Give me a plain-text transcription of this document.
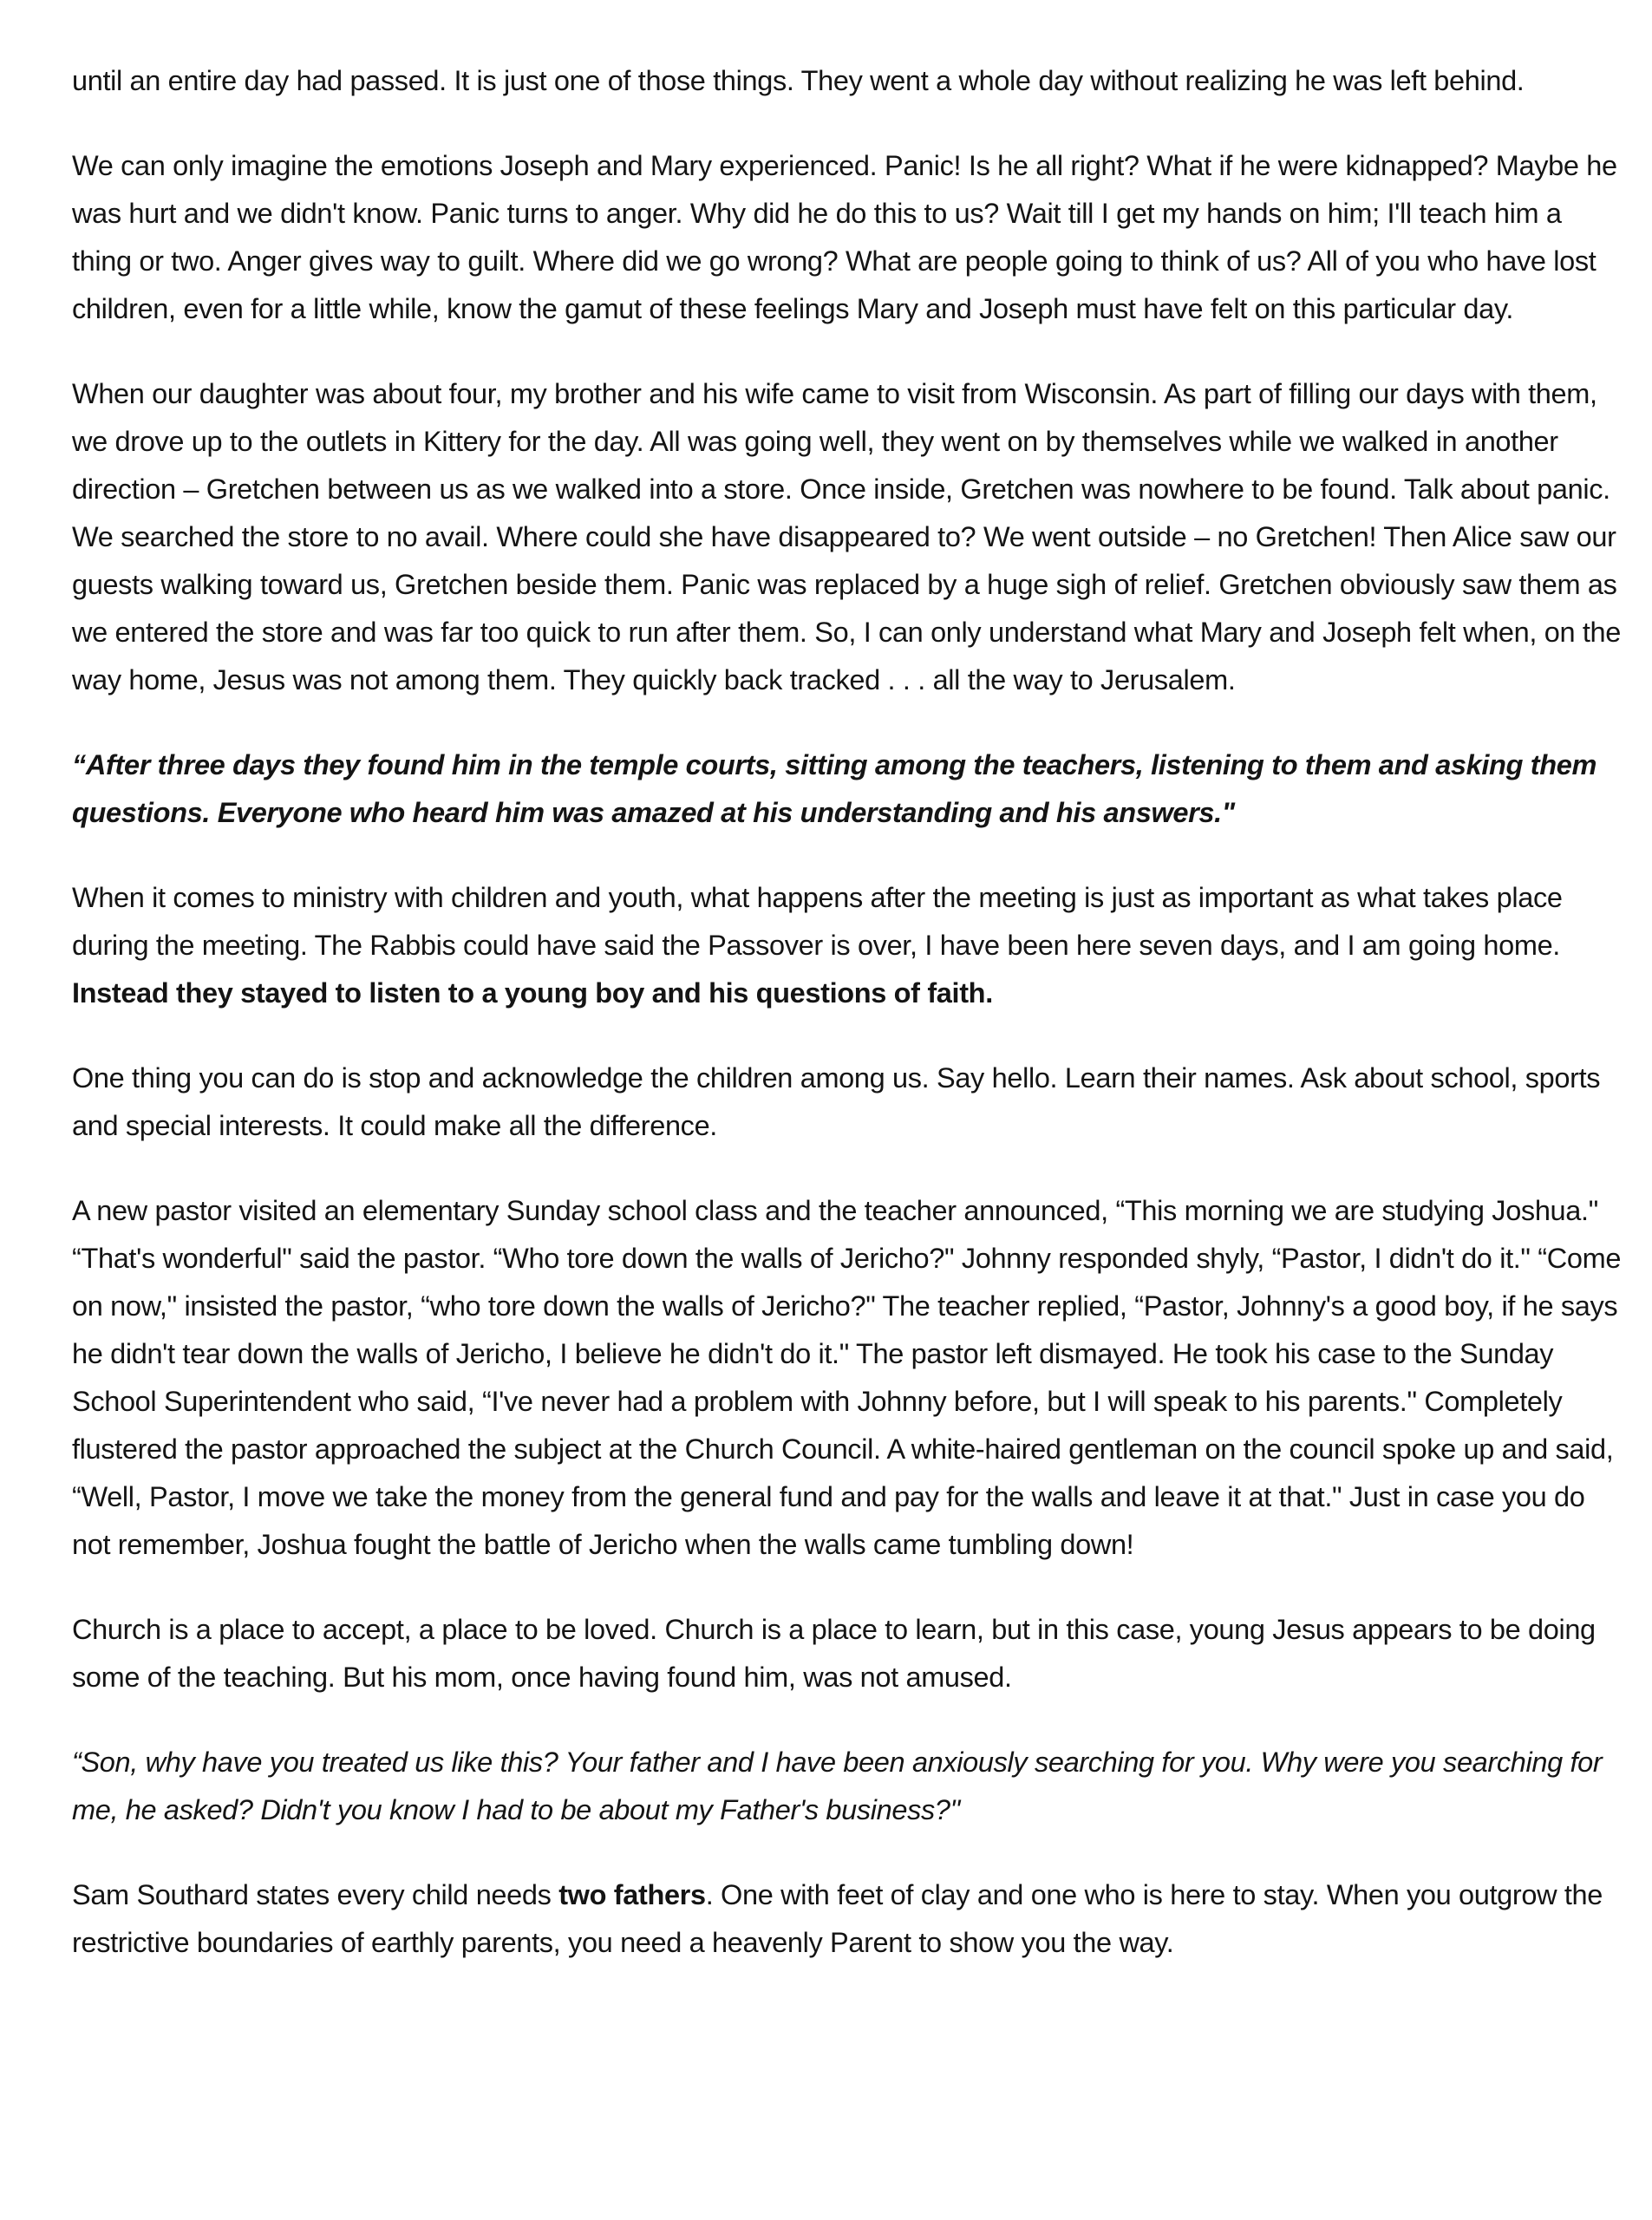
until an entire day had passed. It is just one of those things. They went a whole day without realizing he was left behind.

We can only imagine the emotions Joseph and Mary experienced. Panic! Is he all right? What if he were kidnapped? Maybe he was hurt and we didn't know. Panic turns to anger. Why did he do this to us? Wait till I get my hands on him; I'll teach him a thing or two. Anger gives way to guilt. Where did we go wrong? What are people going to think of us? All of you who have lost children, even for a little while, know the gamut of these feelings Mary and Joseph must have felt on this particular day.

When our daughter was about four, my brother and his wife came to visit from Wisconsin. As part of filling our days with them, we drove up to the outlets in Kittery for the day. All was going well, they went on by themselves while we walked in another direction – Gretchen between us as we walked into a store. Once inside, Gretchen was nowhere to be found. Talk about panic. We searched the store to no avail. Where could she have disappeared to? We went outside – no Gretchen! Then Alice saw our guests walking toward us, Gretchen beside them. Panic was replaced by a huge sigh of relief. Gretchen obviously saw them as we entered the store and was far too quick to run after them. So, I can only understand what Mary and Joseph felt when, on the way home, Jesus was not among them. They quickly back tracked . . . all the way to Jerusalem.

“After three days they found him in the temple courts, sitting among the teachers, listening to them and asking them questions. Everyone who heard him was amazed at his understanding and his answers."

When it comes to ministry with children and youth, what happens after the meeting is just as important as what takes place during the meeting. The Rabbis could have said the Passover is over, I have been here seven days, and I am going home. Instead they stayed to listen to a young boy and his questions of faith.

One thing you can do is stop and acknowledge the children among us. Say hello. Learn their names. Ask about school, sports and special interests. It could make all the difference.

A new pastor visited an elementary Sunday school class and the teacher announced, “This morning we are studying Joshua." “That's wonderful" said the pastor. “Who tore down the walls of Jericho?" Johnny responded shyly, “Pastor, I didn't do it." “Come on now," insisted the pastor, “who tore down the walls of Jericho?" The teacher replied, “Pastor, Johnny's a good boy, if he says he didn't tear down the walls of Jericho, I believe he didn't do it." The pastor left dismayed. He took his case to the Sunday School Superintendent who said, “I've never had a problem with Johnny before, but I will speak to his parents." Completely flustered the pastor approached the subject at the Church Council. A white-haired gentleman on the council spoke up and said, “Well, Pastor, I move we take the money from the general fund and pay for the walls and leave it at that." Just in case you do not remember, Joshua fought the battle of Jericho when the walls came tumbling down!

Church is a place to accept, a place to be loved. Church is a place to learn, but in this case, young Jesus appears to be doing some of the teaching. But his mom, once having found him, was not amused.

“Son, why have you treated us like this? Your father and I have been anxiously searching for you. Why were you searching for me, he asked? Didn't you know I had to be about my Father's business?"

Sam Southard states every child needs two fathers. One with feet of clay and one who is here to stay. When you outgrow the restrictive boundaries of earthly parents, you need a heavenly Parent to show you the way.
